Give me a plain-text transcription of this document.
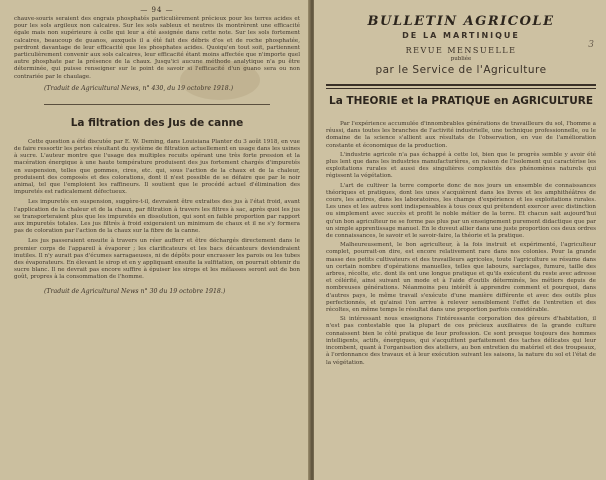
— 94 —

chauve-souris seraient des engrais phosphatés particulièrement précieux pour les terres acides et pour les sols argileux non calcaires. Sur les sols sableux et neutres ils montrèrent une efficacité égale mais non supérieure à celle qui leur a été assignée dans cette note. Sur les sols fortement calcaires, beaucoup de guanos, auxquels il a été fait des débris d'os et de roche phosphatée, perdront davantage de leur efficacité que les phosphates acides. Quoiqu'en tout soit, partiennent particulièrement convenir aux sols calcaires, leur efficacité étant moins affectée que n'importe quel autre phosphate par la présence de la chaux. Jusqu'ici aucune méthode analytique n'a pu être déterminée, qui puisse renseigner sur le point de savoir si l'efficacité d'un guano sera ou non contrariée par le chaulage.

(Traduit de Agricultural News, n° 430, du 19 octobre 1918.)
La filtration des Jus de canne

Cette question a été discutée par E. W. Deming, dans Louisiana Planter du 3 août 1918, en vue de faire ressortir les pertes résultant du système de filtration actuellement en usage dans les usines à sucre. L'auteur montre que l'usage des multiples recuits opérant une très forte pression et la macération énergique à une haute température produisent des jus fortement chargés d'impuretés en suspension, telles que gommes, cires, etc. qui, sous l'action de la chaux et de la chaleur, produisent des composés et des colorations, dont il n'est possible de se défaire que par le noir animal, tel que l'emploient les raffineurs. Il soutient que le procédé actuel d'élimination des impuretés est radicalement défectueux.

Les impuretés en suspension, suggère-t-il, devraient être extraites des jus à l'état froid, avant l'application de la chaleur et de la chaux, par filtration à travers les filtres à sac, après quoi les jus se transporteraient plus que les impuretés en dissolution, qui sont en faible proportion par rapport aux impuretés totales. Les jus filtrés à froid exigeraient un minimum de chaux et il ne s'y formera pas de coloration par l'action de la chaux sur la fibre de la canne.

Les jus passeraient ensuite à travers un réer aufferr et être déchargés directement dans le premier corps de l'appareil à évaporer ; les clarificateurs et les bacs décanteurs deviendraient inutiles. Il n'y aurait pas d'écumes sarragaeuses, ni de dépôts pour encrasser les parois ou les tubes des évaporateurs. En élevant le sirop et en y appliquant ensuite la sulfitation, on pourrait obtenir du sucre blanc. Il ne devrait pas encore suffire à épuiser les sirops et les mélasses seront aut de bon goût, propres à la consommation de l'homme.

(Traduit de Agricultural News n° 30 du 19 octobre 1918.)
BULLETIN AGRICOLE
DE LA MARTINIQUE
3
REVUE MENSUELLE
publiée
par le Service de l'Agriculture
La THEORIE et la PRATIQUE en AGRICULTURE

Par l'expérience accumulée d'innombrables générations de travailleurs du sol, l'homme a réussi, dans toutes les branches de l'activité industrielle, une technique professionnelle, ou le domaine de la science s'allient aux résultats de l'observation, en vue de l'amélioration constante et économique de la production.

L'industrie agricole n'a pas échappé à cette loi, bien que le progrès semble y avoir été plus lent que dans les industries manufacturières, en raison de l'isolement qui caractérise les exploitations rurales et aussi des singulières complexités des phénomènes naturels qui régissent la végétation.

L'art de cultiver la terre comporte donc de nos jours un ensemble de connaissances théoriques et pratiques, dont les unes s'acquièrent dans les livres et les amphithéâtres de cours, les autres, dans les laboratoires, les champs d'expérience et les exploitations rurales. Les unes et les autres sont indispensables à tous ceux qui prétendent exercer avec distinction ou simplement avec succès et profit le noble métier de la terre. Et chacun sait aujourd'hui qu'un bon agriculteur ne se forme pas plus par un enseignement purement didactique que par un simple apprentissage manuel. En le duveut allier dans une juste proportion ces deux ordres de connaissances, le savoir et le savoir-faire, la théorie et la pratique.

Malheureusement, le bon agriculteur, à la fois instruit et expérimenté, l'agriculteur complet, pourrait-on dire, est encore relativement rare dans nos colonies. Pour la grande masse des petits cultivateurs et des travailleurs agricoles, toute l'agriculture se résume dans un certain nombre d'opérations manuelles, telles que labours, sarclages, fumure, taille des arbres, récolte, etc. dont ils ont une longue pratique et qu'ils exécutent du reste avec adresse et célérité, ainsi suivant un mode et à l'aide d'outils déterminés, les métiers depuis de nombreuses générations. Néanmoins peu intérêt à apprendre comment et pourquoi, dans d'autres pays, le même travail s'exécute d'une manière différente et avec des outils plus perfectionnés, et qu'ainsi l'on arrive à relever sensiblement l'effet de l'entretien et des récoltes, en même temps le résultat dans une proportion parfois considérable.

Si intéressant nous enseignons l'intéressante corporation des géreurs d'habitation, il n'est pas contestable que la plupart de ces précieux auxiliaires de la grande culture connaissent bien le côté pratique de leur profession. Ce sont presque toujours des hommes intelligents, actifs, énergiques, qui s'acquittent parfaitement des taches délicates qui leur incombent, quant à l'organisation des ateliers, au bon entretien du matériel et des troupeaux, à l'ordonnance des travaux et à leur exécution suivant les saisons, la nature du sol et l'état de la végétation.
